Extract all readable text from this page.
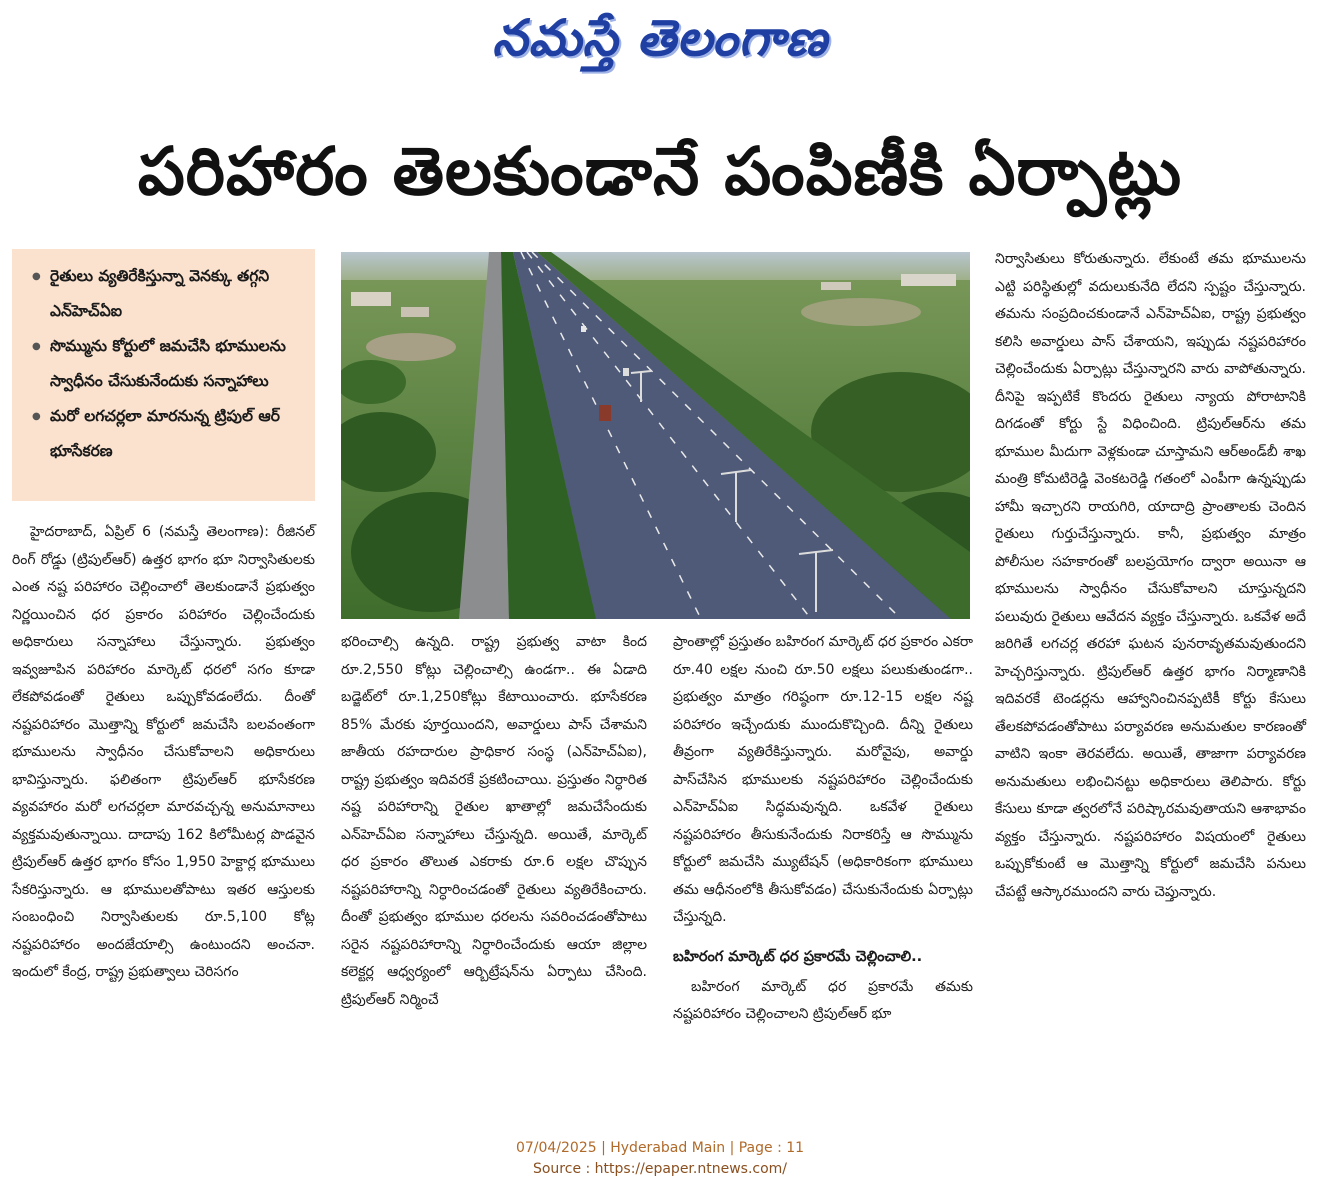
నమస్తే తెలంగాణ
పరిహారం తెలకుండానే పంపిణీకి ఏర్పాట్లు
● రైతులు వ్యతిరేకిస్తున్నా వెనక్కు తగ్గని ఎన్‌హెచ్‌ఏఐ
● సొమ్మును కోర్టులో జమచేసి భూములను స్వాధీనం చేసుకునేందుకు సన్నాహాలు
● మరో లగచర్లలా మారనున్న ట్రిపుల్ ఆర్ భూసేకరణ

హైదరాబాద్, ఏప్రిల్ 6 (నమస్తే తెలంగాణ): రీజినల్ రింగ్ రోడ్డు (ట్రిపుల్‌ఆర్) ఉత్తర భాగం భూ నిర్వాసితులకు ఎంత నష్ట పరిహారం చెల్లించాలో తెలకుండానే ప్రభుత్వం నిర్ణయించిన ధర ప్రకారం పరిహారం చెల్లించేందుకు అధికారులు సన్నాహాలు చేస్తున్నారు. ప్రభుత్వం ఇవ్వజూపిన పరిహారం మార్కెట్ ధరలో సగం కూడా లేకపోవడంతో రైతులు ఒప్పుకోవడంలేదు. దీంతో నష్టపరిహారం మొత్తాన్ని కోర్టులో జమచేసి బలవంతంగా భూములను స్వాధీనం చేసుకోవాలని అధికారులు భావిస్తున్నారు. ఫలితంగా ట్రిపుల్‌ఆర్ భూసేకరణ వ్యవహారం మరో లగచర్లలా మారవచ్చన్న అనుమానాలు వ్యక్తమవుతున్నాయి. దాదాపు 162 కిలోమీటర్ల పొడవైన ట్రిపుల్‌ఆర్ ఉత్తర భాగం కోసం 1,950 హెక్టార్ల భూములు సేకరిస్తున్నారు. ఆ భూములతోపాటు ఇతర ఆస్తులకు సంబంధించి నిర్వాసితులకు రూ.5,100 కోట్ల నష్టపరిహారం అందజేయాల్సి ఉంటుందని అంచనా. ఇందులో కేంద్ర, రాష్ట్ర ప్రభుత్వాలు చెరిసగం

భరించాల్సి ఉన్నది. రాష్ట్ర ప్రభుత్వ వాటా కింద రూ.2,550 కోట్లు చెల్లించాల్సి ఉండగా.. ఈ ఏడాది బడ్జెట్‌లో రూ.1,250కోట్లు కేటాయించారు. భూసేకరణ 85% మేరకు పూర్తయిందని, అవార్డులు పాస్ చేశామని జాతీయ రహదారుల ప్రాధికార సంస్థ (ఎన్‌హెచ్‌ఏఐ), రాష్ట్ర ప్రభుత్వం ఇదివరకే ప్రకటించాయి. ప్రస్తుతం నిర్ధారిత నష్ట పరిహారాన్ని రైతుల ఖాతాల్లో జమచేసేందుకు ఎన్‌హెచ్‌ఏఐ సన్నాహాలు చేస్తున్నది. అయితే, మార్కెట్ ధర ప్రకారం తొలుత ఎకరాకు రూ.6 లక్షల చొప్పున నష్టపరిహారాన్ని నిర్ధారించడంతో రైతులు వ్యతిరేకించారు. దీంతో ప్రభుత్వం భూముల ధరలను సవరించడంతోపాటు సరైన నష్టపరిహారాన్ని నిర్ధారించేందుకు ఆయా జిల్లాల కలెక్టర్ల ఆధ్వర్యంలో ఆర్బిట్రేషన్‌ను ఏర్పాటు చేసింది. ట్రిపుల్‌ఆర్ నిర్మించే

ప్రాంతాల్లో ప్రస్తుతం బహిరంగ మార్కెట్ ధర ప్రకారం ఎకరా రూ.40 లక్షల నుంచి రూ.50 లక్షలు పలుకుతుండగా.. ప్రభుత్వం మాత్రం గరిష్ఠంగా రూ.12-15 లక్షల నష్ట పరిహారం ఇచ్చేందుకు ముందుకొచ్చింది. దీన్ని రైతులు తీవ్రంగా వ్యతిరేకిస్తున్నారు. మరోవైపు, అవార్డు పాస్‌చేసిన భూములకు నష్టపరిహారం చెల్లించేందుకు ఎన్‌హెచ్‌ఏఐ సిద్ధమవున్నది. ఒకవేళ రైతులు నష్టపరిహారం తీసుకునేందుకు నిరాకరిస్తే ఆ సొమ్మును కోర్టులో జమచేసి మ్యుటేషన్ (అధికారికంగా భూములు తమ ఆధీనంలోకి తీసుకోవడం) చేసుకునేందుకు ఏర్పాట్లు చేస్తున్నది.

బహిరంగ మార్కెట్ ధర ప్రకారమే చెల్లించాలి..

బహిరంగ మార్కెట్ ధర ప్రకారమే తమకు నష్టపరిహారం చెల్లించాలని ట్రిపుల్‌ఆర్ భూ

నిర్వాసితులు కోరుతున్నారు. లేకుంటే తమ భూములను ఎట్టి పరిస్థితుల్లో వదులుకునేది లేదని స్పష్టం చేస్తున్నారు. తమను సంప్రదించకుండానే ఎన్‌హెచ్‌ఏఐ, రాష్ట్ర ప్రభుత్వం కలిసి అవార్డులు పాస్ చేశాయని, ఇప్పుడు నష్టపరిహారం చెల్లించేందుకు ఏర్పాట్లు చేస్తున్నారని వారు వాపోతున్నారు. దీనిపై ఇప్పటికే కొందరు రైతులు న్యాయ పోరాటానికి దిగడంతో కోర్టు స్టే విధించింది. ట్రిపుల్‌ఆర్‌ను తమ భూముల మీదుగా వెళ్లకుండా చూస్తామని ఆర్‌అండ్‌బీ శాఖ మంత్రి కోమటిరెడ్డి వెంకటరెడ్డి గతంలో ఎంపీగా ఉన్నప్పుడు హామీ ఇచ్చారని రాయగిరి, యాదాద్రి ప్రాంతాలకు చెందిన రైతులు గుర్తుచేస్తున్నారు. కానీ, ప్రభుత్వం మాత్రం పోలీసుల సహకారంతో బలప్రయోగం ద్వారా అయినా ఆ భూములను స్వాధీనం చేసుకోవాలని చూస్తున్నదని పలువురు రైతులు ఆవేదన వ్యక్తం చేస్తున్నారు. ఒకవేళ అదే జరిగితే లగచర్ల తరహా ఘటన పునరావృతమవుతుందని హెచ్చరిస్తున్నారు. ట్రిపుల్‌ఆర్ ఉత్తర భాగం నిర్మాణానికి ఇదివరకే టెండర్లను ఆహ్వానించినప్పటికీ కోర్టు కేసులు తేలకపోవడంతోపాటు పర్యావరణ అనుమతుల కారణంతో వాటిని ఇంకా తెరవలేదు. అయితే, తాజాగా పర్యావరణ అనుమతులు లభించినట్టు అధికారులు తెలిపారు. కోర్టు కేసులు కూడా త్వరలోనే పరిష్కారమవుతాయని ఆశాభావం వ్యక్తం చేస్తున్నారు. నష్టపరిహారం విషయంలో రైతులు ఒప్పుకోకుంటే ఆ మొత్తాన్ని కోర్టులో జమచేసి పనులు చేపట్టే ఆస్కారముందని వారు చెప్తున్నారు.

07/04/2025 | Hyderabad Main | Page : 11
Source : https://epaper.ntnews.com/
